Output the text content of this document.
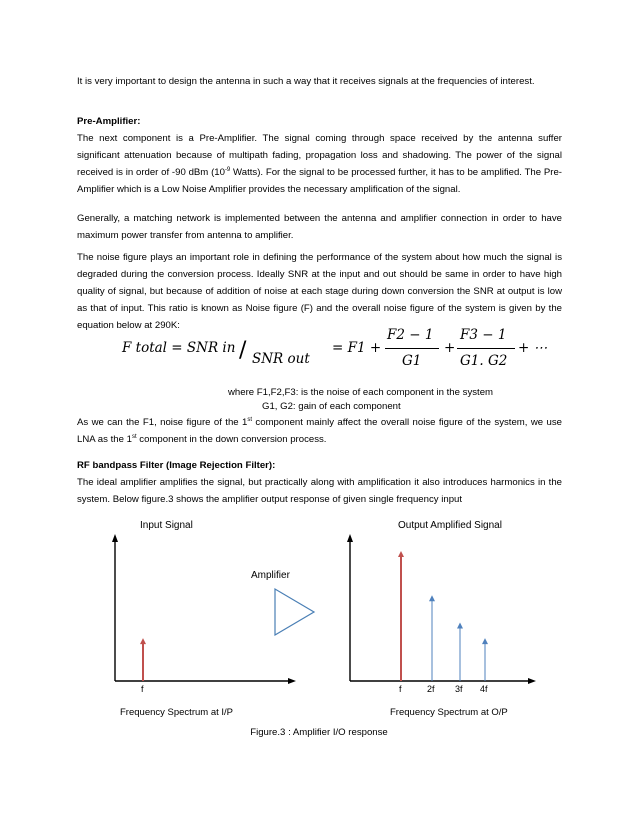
It is very important to design the antenna in such a way that it receives signals at the frequencies of interest.

Pre-Amplifier:

The next component is a Pre-Amplifier. The signal coming through space received by the antenna suffer significant attenuation because of multipath fading, propagation loss and shadowing. The power of the signal received is in order of -90 dBm ($10^{-9}$ Watts). For the signal to be processed further, it has to be amplified. The Pre-Amplifier which is a Low Noise Amplifier provides the necessary amplification of the signal.

Generally, a matching network is implemented between the antenna and amplifier connection in order to have maximum power transfer from antenna to amplifier.

The noise figure plays an important role in defining the performance of the system about how much the signal is degraded during the conversion process. Ideally SNR at the input and out should be same in order to have high quality of signal, but because of addition of noise at each stage during down conversion the SNR at output is low as that of input. This ratio is known as Noise figure (F) and the overall noise figure of the system is given by the equation below at 290K:

F total = SNR in / SNR out
= F1 +
F2 − 1
G1
+
F3 − 1
G1. G2
+ ⋯
where F1,F2,F3: is the noise of each component in the system
G1, G2: gain of each component

As we can the F1, noise figure of the 1st component mainly affect the overall noise figure of the system, we use LNA as the 1st component in the down conversion process.

RF bandpass Filter (Image Rejection Filter):

The ideal amplifier amplifies the signal, but practically along with amplification it also introduces harmonics in the system. Below figure.3 shows the amplifier output response of given single frequency input

Input Signal	Output Amplified Signal
f
Frequency Spectrum at I/P
Amplifier
f	2f 3f 4f
Frequency Spectrum at O/P
Figure.3 : Amplifier I/O response
